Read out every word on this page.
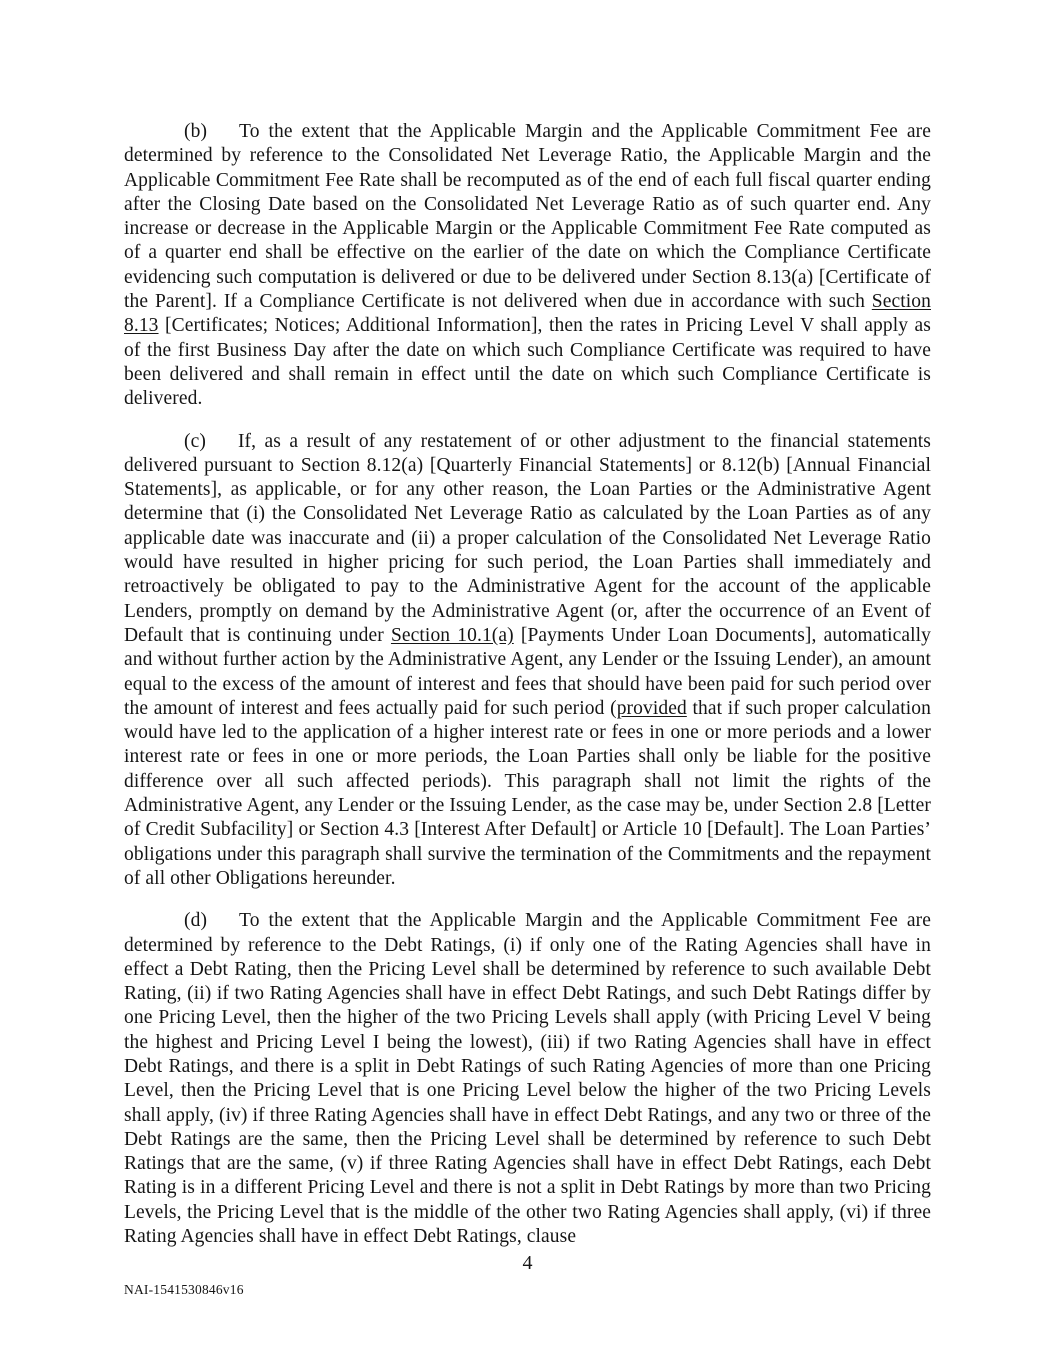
(b) To the extent that the Applicable Margin and the Applicable Commitment Fee are determined by reference to the Consolidated Net Leverage Ratio, the Applicable Margin and the Applicable Commitment Fee Rate shall be recomputed as of the end of each full fiscal quarter ending after the Closing Date based on the Consolidated Net Leverage Ratio as of such quarter end. Any increase or decrease in the Applicable Margin or the Applicable Commitment Fee Rate computed as of a quarter end shall be effective on the earlier of the date on which the Compliance Certificate evidencing such computation is delivered or due to be delivered under Section 8.13(a) [Certificate of the Parent]. If a Compliance Certificate is not delivered when due in accordance with such Section 8.13 [Certificates; Notices; Additional Information], then the rates in Pricing Level V shall apply as of the first Business Day after the date on which such Compliance Certificate was required to have been delivered and shall remain in effect until the date on which such Compliance Certificate is delivered.

(c) If, as a result of any restatement of or other adjustment to the financial statements delivered pursuant to Section 8.12(a) [Quarterly Financial Statements] or 8.12(b) [Annual Financial Statements], as applicable, or for any other reason, the Loan Parties or the Administrative Agent determine that (i) the Consolidated Net Leverage Ratio as calculated by the Loan Parties as of any applicable date was inaccurate and (ii) a proper calculation of the Consolidated Net Leverage Ratio would have resulted in higher pricing for such period, the Loan Parties shall immediately and retroactively be obligated to pay to the Administrative Agent for the account of the applicable Lenders, promptly on demand by the Administrative Agent (or, after the occurrence of an Event of Default that is continuing under Section 10.1(a) [Payments Under Loan Documents], automatically and without further action by the Administrative Agent, any Lender or the Issuing Lender), an amount equal to the excess of the amount of interest and fees that should have been paid for such period over the amount of interest and fees actually paid for such period (provided that if such proper calculation would have led to the application of a higher interest rate or fees in one or more periods and a lower interest rate or fees in one or more periods, the Loan Parties shall only be liable for the positive difference over all such affected periods). This paragraph shall not limit the rights of the Administrative Agent, any Lender or the Issuing Lender, as the case may be, under Section 2.8 [Letter of Credit Subfacility] or Section 4.3 [Interest After Default] or Article 10 [Default]. The Loan Parties’ obligations under this paragraph shall survive the termination of the Commitments and the repayment of all other Obligations hereunder.

(d) To the extent that the Applicable Margin and the Applicable Commitment Fee are determined by reference to the Debt Ratings, (i) if only one of the Rating Agencies shall have in effect a Debt Rating, then the Pricing Level shall be determined by reference to such available Debt Rating, (ii) if two Rating Agencies shall have in effect Debt Ratings, and such Debt Ratings differ by one Pricing Level, then the higher of the two Pricing Levels shall apply (with Pricing Level V being the highest and Pricing Level I being the lowest), (iii) if two Rating Agencies shall have in effect Debt Ratings, and there is a split in Debt Ratings of such Rating Agencies of more than one Pricing Level, then the Pricing Level that is one Pricing Level below the higher of the two Pricing Levels shall apply, (iv) if three Rating Agencies shall have in effect Debt Ratings, and any two or three of the Debt Ratings are the same, then the Pricing Level shall be determined by reference to such Debt Ratings that are the same, (v) if three Rating Agencies shall have in effect Debt Ratings, each Debt Rating is in a different Pricing Level and there is not a split in Debt Ratings by more than two Pricing Levels, the Pricing Level that is the middle of the other two Rating Agencies shall apply, (vi) if three Rating Agencies shall have in effect Debt Ratings, clause

4
NAI-1541530846v16
